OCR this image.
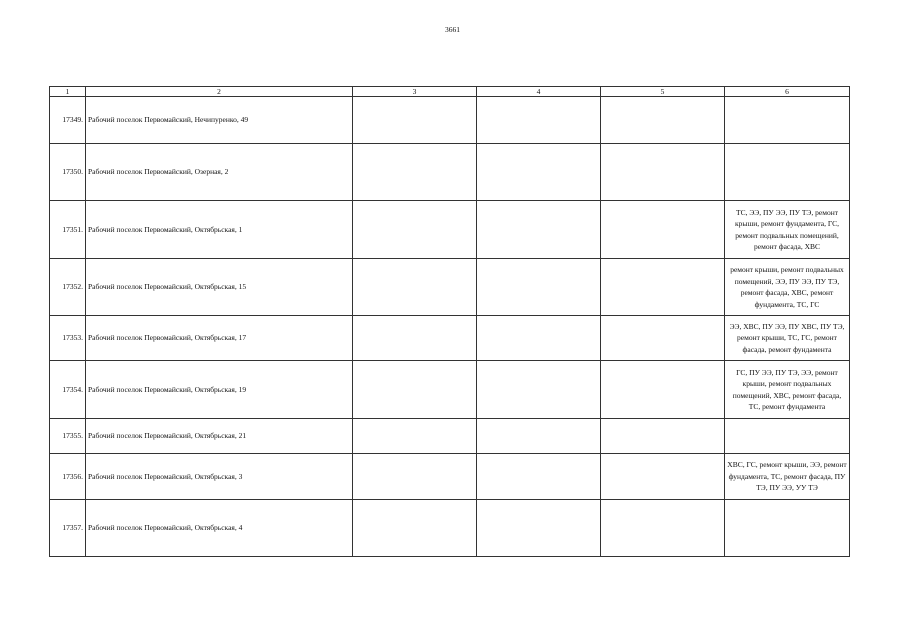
3661
1	2	3	4	5	6
17349.	Рабочий поселок Первомайский, Нечипуренко, 49				
17350.	Рабочий поселок Первомайский, Озерная, 2				
17351.	Рабочий поселок Первомайский, Октябрьская, 1				ТС, ЭЭ, ПУ ЭЭ, ПУ ТЭ, ремонт крыши, ремонт фундамента, ГС, ремонт подвальных помещений, ремонт фасада, ХВС
17352.	Рабочий поселок Первомайский, Октябрьская, 15				ремонт крыши, ремонт подвальных помещений, ЭЭ, ПУ ЭЭ, ПУ ТЭ, ремонт фасада, ХВС, ремонт фундамента, ТС, ГС
17353.	Рабочий поселок Первомайский, Октябрьская, 17				ЭЭ, ХВС, ПУ ЭЭ, ПУ ХВС, ПУ ТЭ, ремонт крыши, ТС, ГС, ремонт фасада, ремонт фундамента
17354.	Рабочий поселок Первомайский, Октябрьская, 19				ГС, ПУ ЭЭ, ПУ ТЭ, ЭЭ, ремонт крыши, ремонт подвальных помещений, ХВС, ремонт фасада, ТС, ремонт фундамента
17355.	Рабочий поселок Первомайский, Октябрьская, 21				
17356.	Рабочий поселок Первомайский, Октябрьская, 3				ХВС, ГС, ремонт крыши, ЭЭ, ремонт фундамента, ТС, ремонт фасада, ПУ ТЭ, ПУ ЭЭ, УУ ТЭ
17357.	Рабочий поселок Первомайский, Октябрьская, 4				
